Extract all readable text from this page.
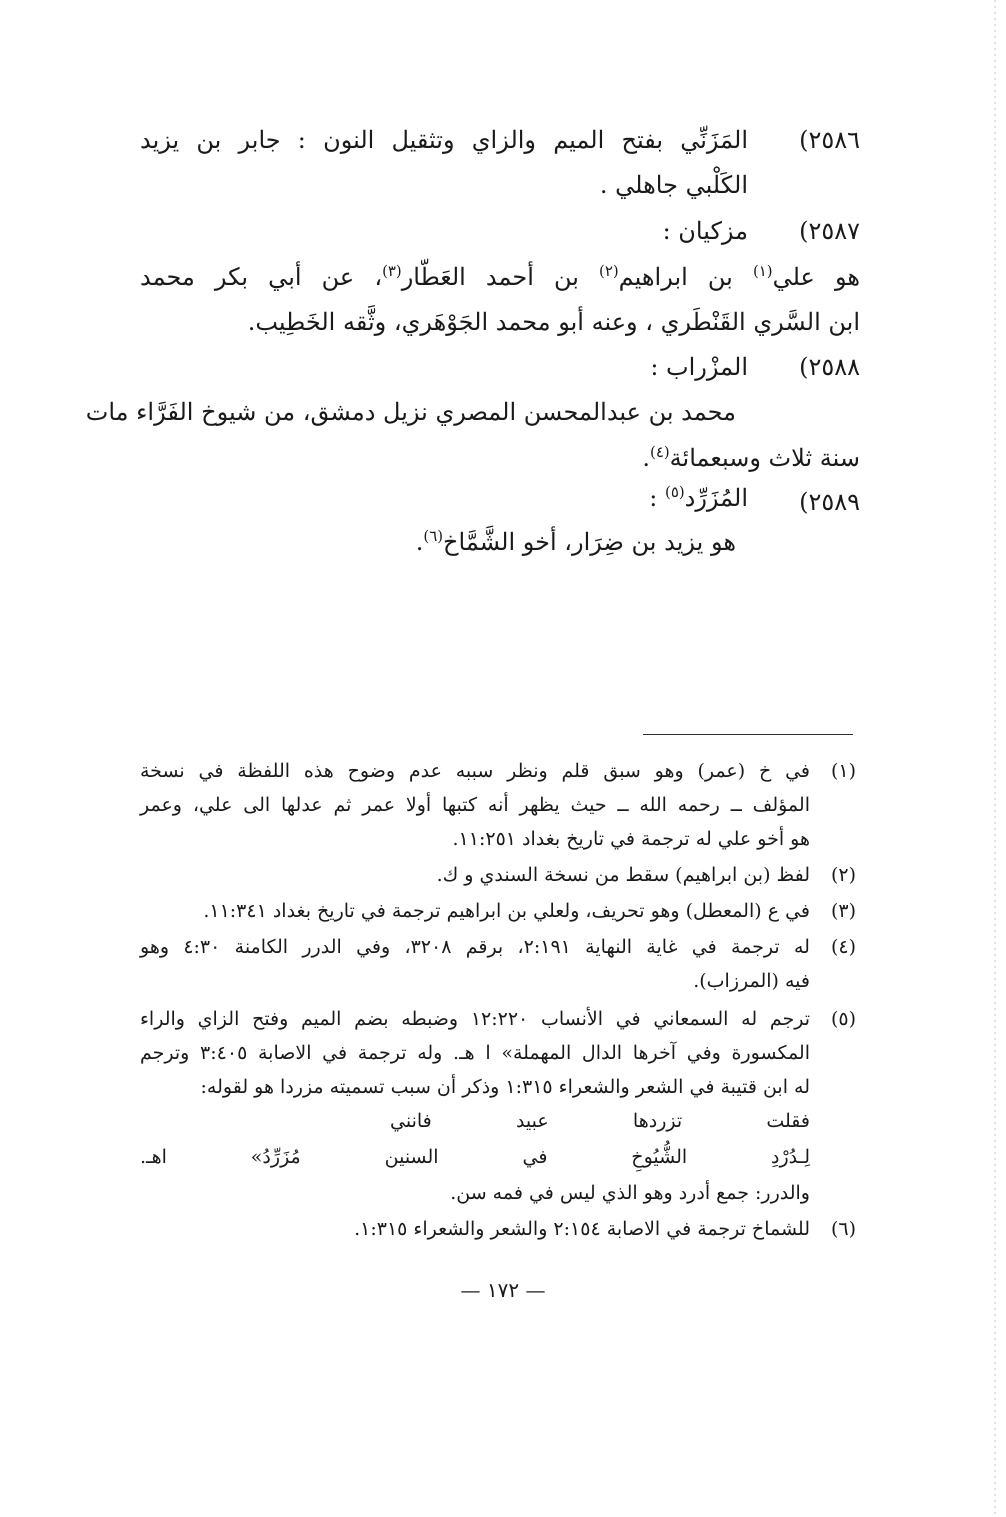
٢٥٨٦)
المَزَنِّي بفتح الميم والزاي وتثقيل النون : جابر بن يزيد
الكَلْبي جاهلي .
٢٥٨٧)
مزكيان :
هو علي$^{(١)}$ بن ابراهيم$^{(٢)}$ بن أحمد العَطّار$^{(٣)}$، عن أبي بكر محمد
ابن السَّري القَنْطَري ، وعنه أبو محمد الجَوْهَري، وثَّقه الخَطِيب.
٢٥٨٨)
المزْراب :
محمد بن عبدالمحسن المصري نزيل دمشق، من شيوخ الفَرَّاء مات
سنة ثلاث وسبعمائة$^{(٤)}$.
٢٥٨٩)
المُزَرِّد$^{(٥)}$ :
هو يزيد بن ضِرَار، أخو الشَّمَّاخ$^{(٦)}$.
(١)
في خ (عمر) وهو سبق قلم ونظر سببه عدم وضوح هذه اللفظة في نسخة
المؤلف ــ رحمه الله ــ حيث يظهر أنه كتبها أولا عمر ثم عدلها الى علي، وعمر
هو أخو علي له ترجمة في تاريخ بغداد ١١:٢٥١.
(٢)
لفظ (بن ابراهيم) سقط من نسخة السندي و ك.
(٣)
في ع (المعطل) وهو تحريف، ولعلي بن ابراهيم ترجمة في تاريخ بغداد ١١:٣٤١.
(٤)
له ترجمة في غاية النهاية ٢:١٩١، برقم ٣٢٠٨، وفي الدرر الكامنة ٤:٣٠ وهو
فيه (المرزاب).
(٥)
ترجم له السمعاني في الأنساب ١٢:٢٢٠ وضبطه بضم الميم وفتح الزاي والراء
المكسورة وفي آخرها الدال المهملة» ا هـ. وله ترجمة في الاصابة ٣:٤٠٥ وترجم
له ابن قتيبة في الشعر والشعراء ١:٣١٥ وذكر أن سبب تسميته مزردا هو لقوله:
فقلت تزردها عبيد فانني
لِـدُرْدِ الشُّيُوخِ في السنين مُزَرِّدُ» اهـ.
والدرر: جمع أدرد وهو الذي ليس في فمه سن.
(٦)
للشماخ ترجمة في الاصابة ٢:١٥٤ والشعر والشعراء ١:٣١٥.
— ١٧٢ —
